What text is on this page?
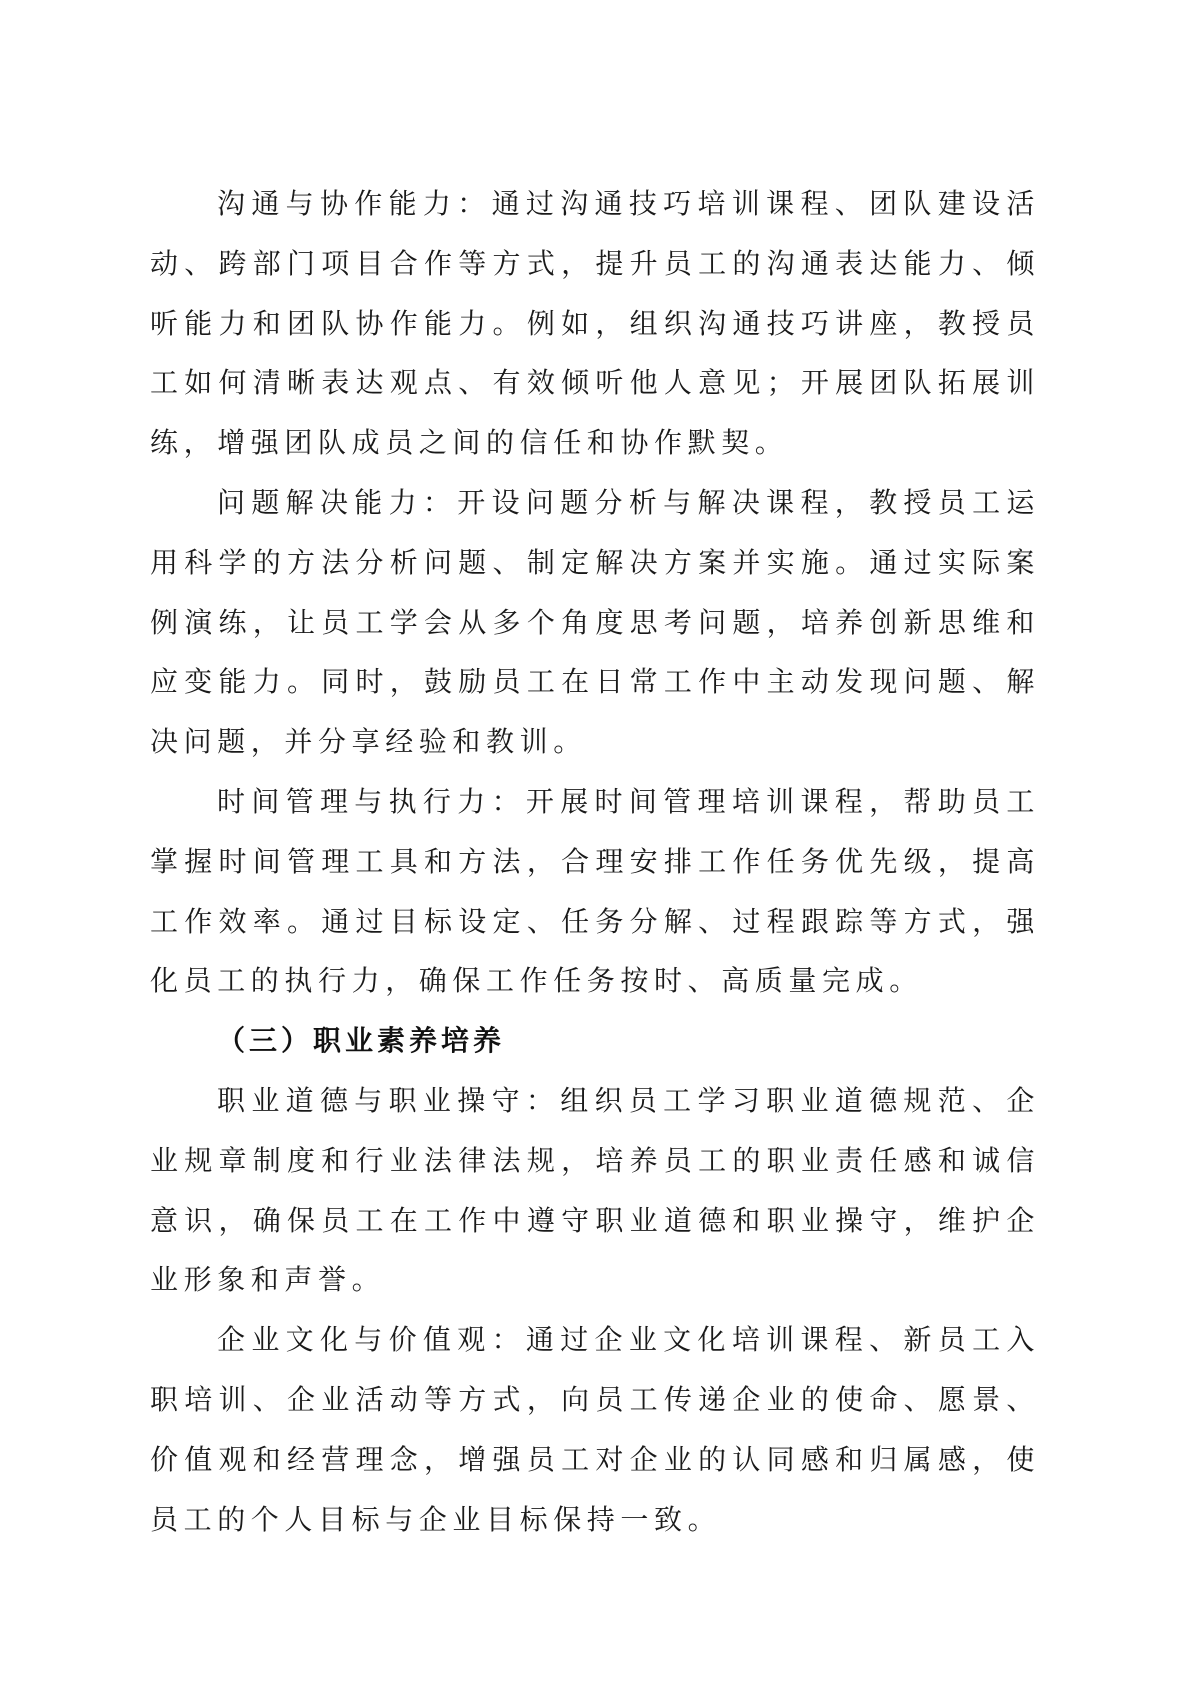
沟通与协作能力：通过沟通技巧培训课程、团队建设活动、跨部门项目合作等方式，提升员工的沟通表达能力、倾听能力和团队协作能力。例如，组织沟通技巧讲座，教授员工如何清晰表达观点、有效倾听他人意见；开展团队拓展训练，增强团队成员之间的信任和协作默契。

问题解决能力：开设问题分析与解决课程，教授员工运用科学的方法分析问题、制定解决方案并实施。通过实际案例演练，让员工学会从多个角度思考问题，培养创新思维和应变能力。同时，鼓励员工在日常工作中主动发现问题、解决问题，并分享经验和教训。

时间管理与执行力：开展时间管理培训课程，帮助员工掌握时间管理工具和方法，合理安排工作任务优先级，提高工作效率。通过目标设定、任务分解、过程跟踪等方式，强化员工的执行力，确保工作任务按时、高质量完成。

（三）职业素养培养

职业道德与职业操守：组织员工学习职业道德规范、企业规章制度和行业法律法规，培养员工的职业责任感和诚信意识，确保员工在工作中遵守职业道德和职业操守，维护企业形象和声誉。

企业文化与价值观：通过企业文化培训课程、新员工入职培训、企业活动等方式，向员工传递企业的使命、愿景、价值观和经营理念，增强员工对企业的认同感和归属感，使员工的个人目标与企业目标保持一致。
